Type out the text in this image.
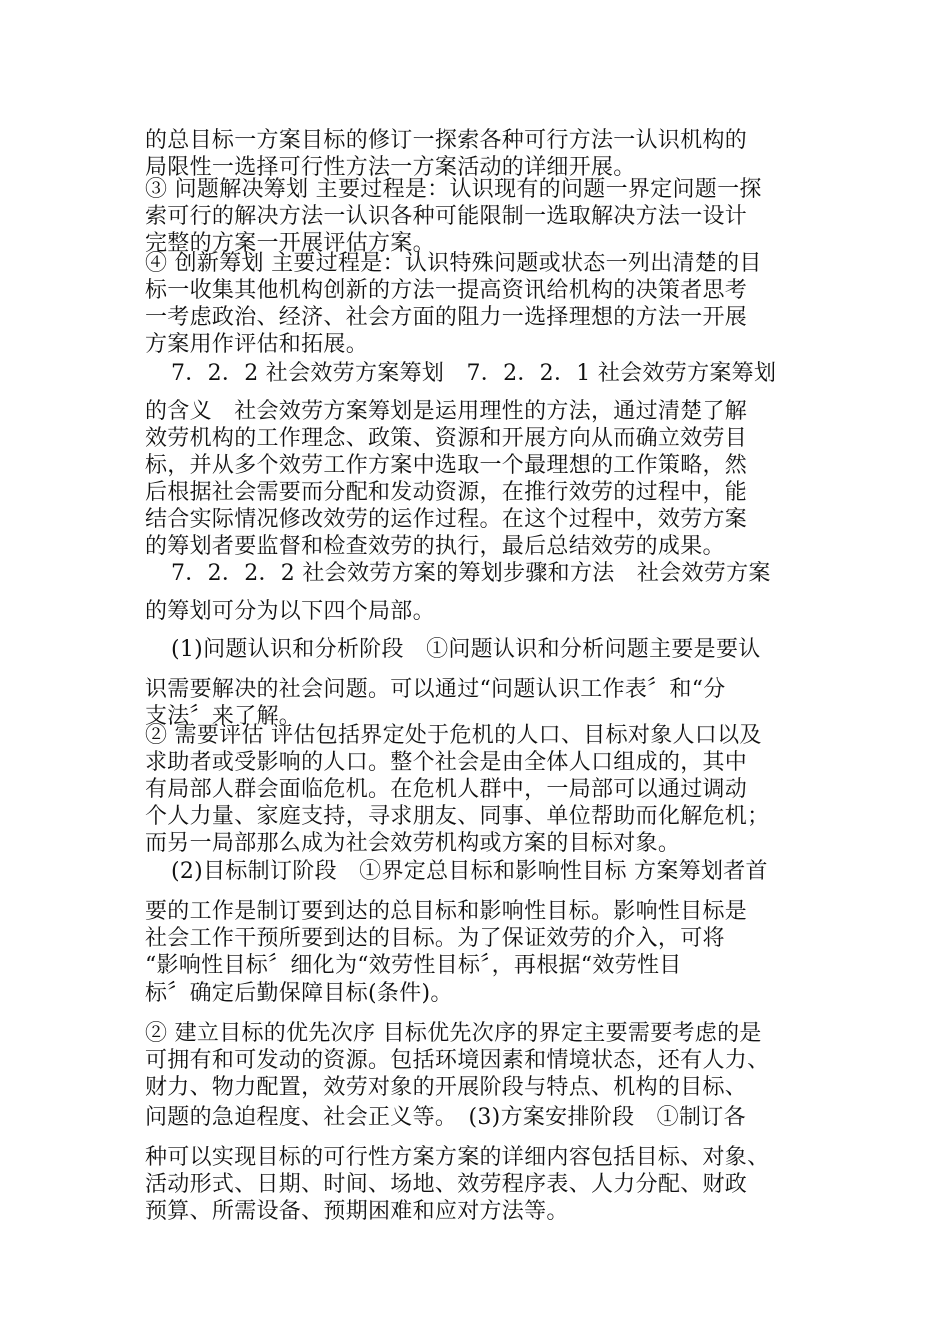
的总目标一方案目标的修订一探索各种可行方法一认识机构的
局限性一选择可行性方法一方案活动的详细开展。

③ 问题解决筹划 主要过程是：认识现有的问题一界定问题一探
索可行的解决方法一认识各种可能限制一选取解决方法一设计
完整的方案一开展评估方案。

④ 创新筹划 主要过程是：认识特殊问题或状态一列出清楚的目
标一收集其他机构创新的方法一提高资讯给机构的决策者思考
一考虑政治、经济、社会方面的阻力一选择理想的方法一开展
方案用作评估和拓展。

7．2．2 社会效劳方案筹划　7．2．2．1 社会效劳方案筹划

的含义　社会效劳方案筹划是运用理性的方法，通过清楚了解
效劳机构的工作理念、政策、资源和开展方向从而确立效劳目
标，并从多个效劳工作方案中选取一个最理想的工作策略，然
后根据社会需要而分配和发动资源，在推行效劳的过程中，能
结合实际情况修改效劳的运作过程。在这个过程中，效劳方案
的筹划者要监督和检查效劳的执行，最后总结效劳的成果。

7．2．2．2 社会效劳方案的筹划步骤和方法　社会效劳方案

的筹划可分为以下四个局部。

(1)问题认识和分析阶段　①问题认识和分析问题主要是要认

识需要解决的社会问题。可以通过“问题认识工作表〞和“分
支法〞来了解。

② 需要评估 评估包括界定处于危机的人口、目标对象人口以及
求助者或受影响的人口。整个社会是由全体人口组成的，其中
有局部人群会面临危机。在危机人群中，一局部可以通过调动
个人力量、家庭支持，寻求朋友、同事、单位帮助而化解危机；
而另一局部那么成为社会效劳机构或方案的目标对象。

(2)目标制订阶段　①界定总目标和影响性目标 方案筹划者首

要的工作是制订要到达的总目标和影响性目标。影响性目标是
社会工作干预所要到达的目标。为了保证效劳的介入，可将
“影响性目标〞细化为“效劳性目标〞，再根据“效劳性目

标〞确定后勤保障目标(条件)。

② 建立目标的优先次序 目标优先次序的界定主要需要考虑的是
可拥有和可发动的资源。包括环境因素和情境状态，还有人力、
财力、物力配置，效劳对象的开展阶段与特点、机构的目标、

问题的急迫程度、社会正义等。　(3)方案安排阶段　①制订各

种可以实现目标的可行性方案方案的详细内容包括目标、对象、
活动形式、日期、时间、场地、效劳程序表、人力分配、财政
预算、所需设备、预期困难和应对方法等。
